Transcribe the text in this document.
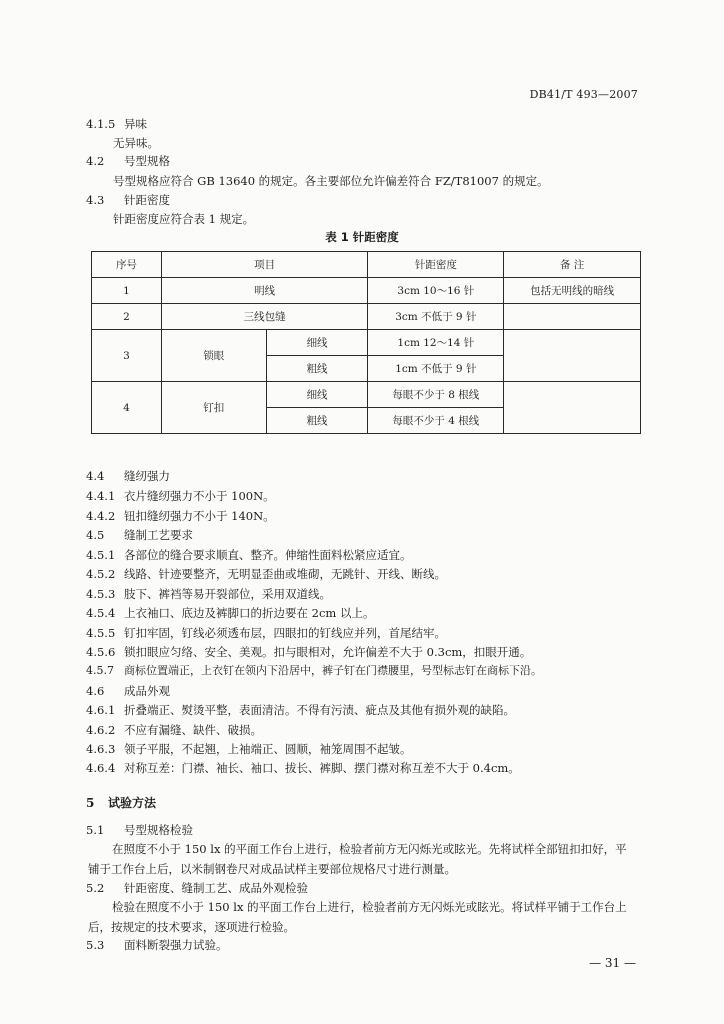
DB41/T 493—2007
4.1.5 异味
无异味。
4.2 号型规格
号型规格应符合 GB 13640 的规定。各主要部位允许偏差符合 FZ/T81007 的规定。
4.3 针距密度
针距密度应符合表 1 规定。
表 1 针距密度
序号	项目		针距密度	备 注
1	明线		3cm 10～16 针	包括无明线的暗线
2	三线包缝		3cm 不低于 9 针	
3	锁眼	细线	1cm 12～14 针	
		粗线	1cm 不低于 9 针	
4	钉扣	细线	每眼不少于 8 根线	
		粗线	每眼不少于 4 根线	
4.4 缝纫强力
4.4.1 衣片缝纫强力不小于 100N。
4.4.2 钮扣缝纫强力不小于 140N。
4.5 缝制工艺要求
4.5.1 各部位的缝合要求顺直、整齐。伸缩性面料松紧应适宜。
4.5.2 线路、针迹要整齐，无明显歪曲或堆砌，无跳针、开线、断线。
4.5.3 肢下、裤裆等易开裂部位，采用双道线。
4.5.4 上衣袖口、底边及裤脚口的折边要在 2cm 以上。
4.5.5 钉扣牢固，钉线必须透布层，四眼扣的钉线应并列，首尾结牢。
4.5.6 锁扣眼应匀络、安全、美观。扣与眼相对，允许偏差不大于 0.3cm，扣眼开通。
4.5.7 商标位置端正，上衣钉在领内下沿居中，裤子钉在门襟腰里，号型标志钉在商标下沿。
4.6 成品外观
4.6.1 折叠端正、熨烫平整，表面清洁。不得有污渍、疵点及其他有损外观的缺陷。
4.6.2 不应有漏缝、缺件、破损。
4.6.3 领子平服，不起翘，上袖端正、圆顺，袖笼周围不起皱。
4.6.4 对称互差：门襟、袖长、袖口、拔长、裤脚、摆门襟对称互差不大于 0.4cm。
5 试验方法
5.1 号型规格检验
在照度不小于 150 lx 的平面工作台上进行，检验者前方无闪烁光或眩光。先将试样全部钮扣扣好，平铺于工作台上后，以米制钢卷尺对成品试样主要部位规格尺寸进行测量。
5.2 针距密度、缝制工艺、成品外观检验
检验在照度不小于 150 lx 的平面工作台上进行，检验者前方无闪烁光或眩光。将试样平铺于工作台上后，按规定的技术要求，逐项进行检验。
5.3 面料断裂强力试验。
— 31 —
